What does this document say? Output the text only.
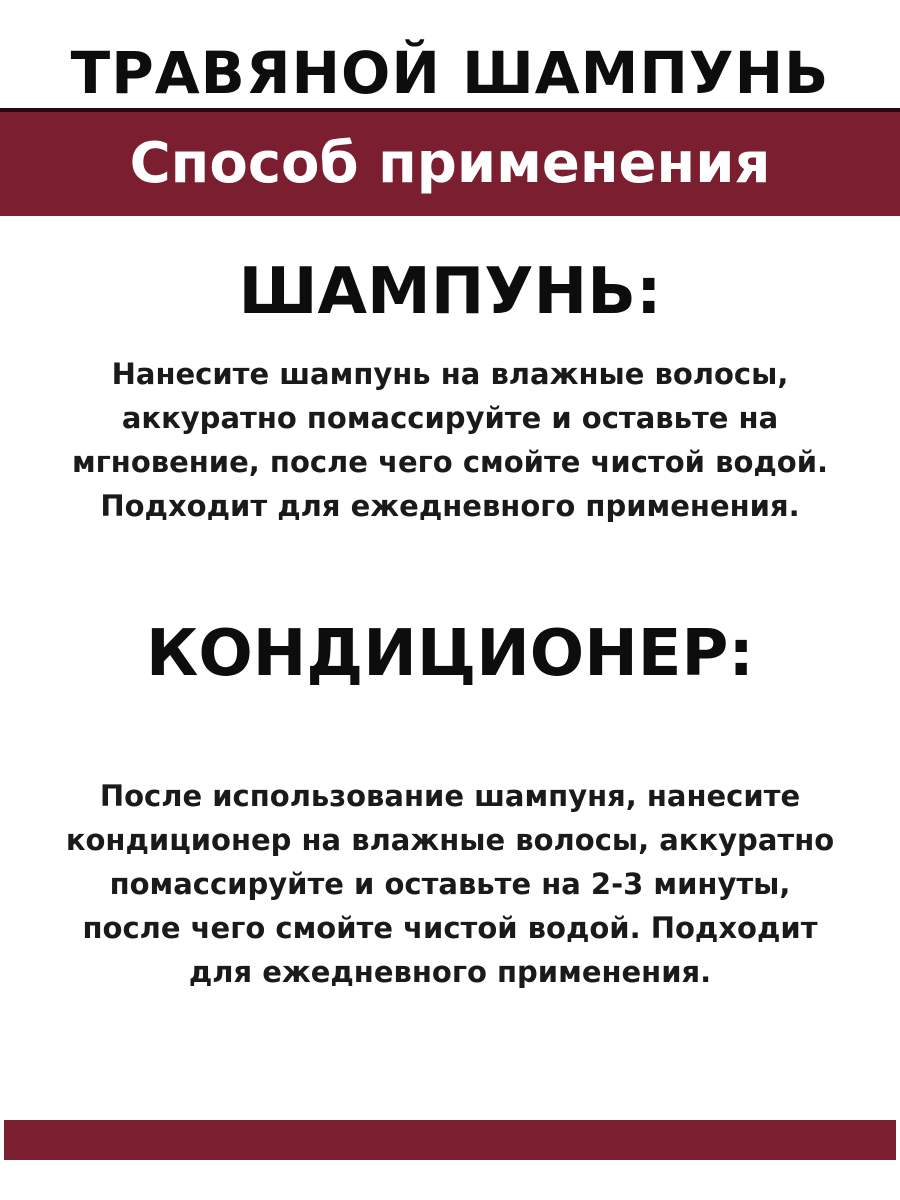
ТРАВЯНОЙ ШАМПУНЬ
Способ применения
ШАМПУНЬ:
Нанесите шампунь на влажные волосы,
аккуратно помассируйте и оставьте на
мгновение, после чего смойте чистой водой.
Подходит для ежедневного применения.
КОНДИЦИОНЕР:
После использование шампуня, нанесите
кондиционер на влажные волосы, аккуратно
помассируйте и оставьте на 2-3 минуты,
после чего смойте чистой водой. Подходит
для ежедневного применения.
